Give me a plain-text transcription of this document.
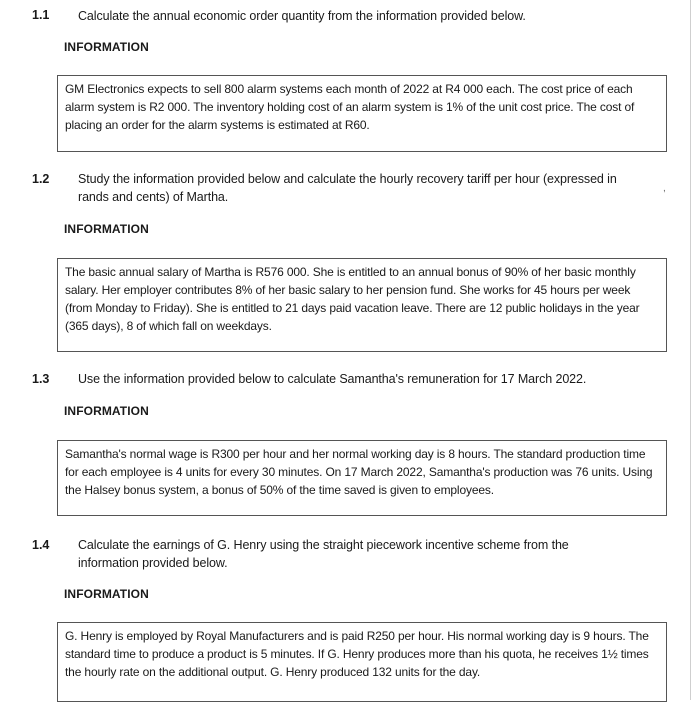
,
1.1 Calculate the annual economic order quantity from the information provided below.
INFORMATION
GM Electronics expects to sell 800 alarm systems each month of 2022 at R4 000 each. The cost price of each alarm system is R2 000. The inventory holding cost of an alarm system is 1% of the unit cost price. The cost of placing an order for the alarm systems is estimated at R60.
1.2 Study the information provided below and calculate the hourly recovery tariff per hour (expressed in rands and cents) of Martha.
INFORMATION
The basic annual salary of Martha is R576 000. She is entitled to an annual bonus of 90% of her basic monthly salary. Her employer contributes 8% of her basic salary to her pension fund. She works for 45 hours per week (from Monday to Friday). She is entitled to 21 days paid vacation leave. There are 12 public holidays in the year (365 days), 8 of which fall on weekdays.
1.3 Use the information provided below to calculate Samantha's remuneration for 17 March 2022.
INFORMATION
Samantha's normal wage is R300 per hour and her normal working day is 8 hours. The standard production time for each employee is 4 units for every 30 minutes. On 17 March 2022, Samantha's production was 76 units. Using the Halsey bonus system, a bonus of 50% of the time saved is given to employees.
1.4 Calculate the earnings of G. Henry using the straight piecework incentive scheme from the information provided below.
INFORMATION
G. Henry is employed by Royal Manufacturers and is paid R250 per hour. His normal working day is 9 hours. The standard time to produce a product is 5 minutes. If G. Henry produces more than his quota, he receives 1½ times the hourly rate on the additional output. G. Henry produced 132 units for the day.
